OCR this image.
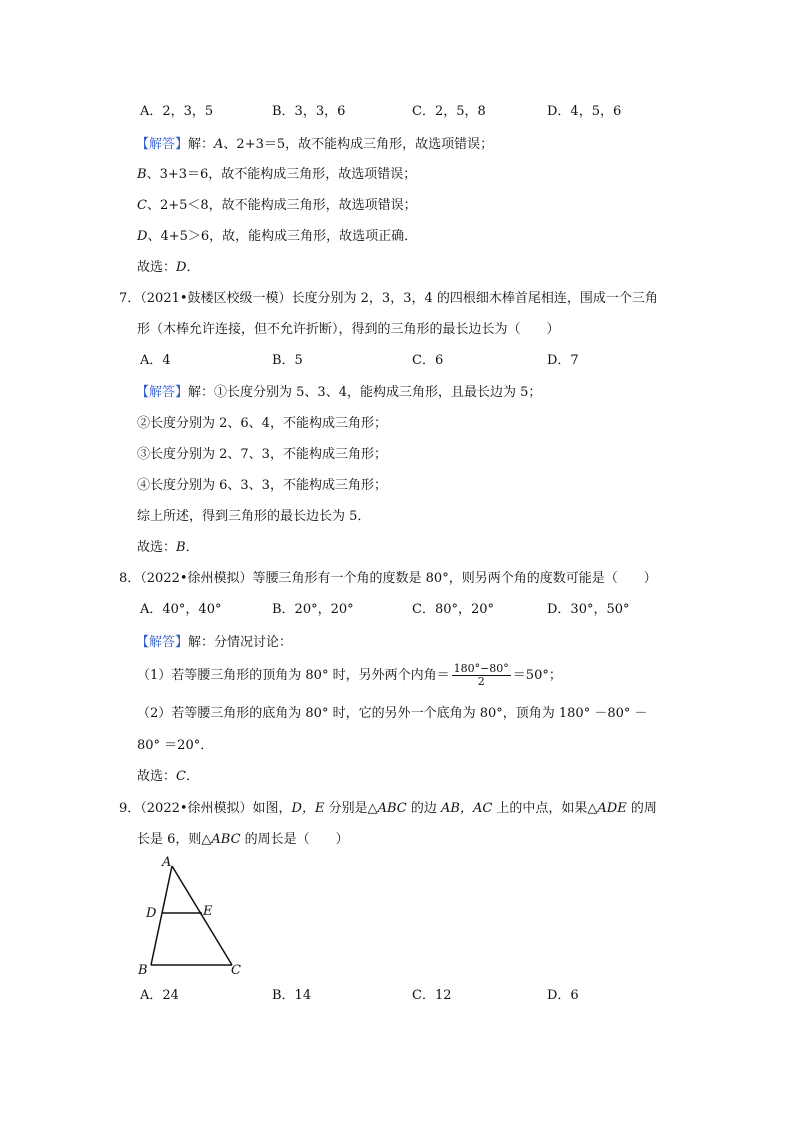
A．2，3，5	B．3，3，6	C．2，5，8	D．4，5，6
【解答】解：A、2+3＝5，故不能构成三角形，故选项错误；
B、3+3＝6，故不能构成三角形，故选项错误；
C、2+5＜8，故不能构成三角形，故选项错误；
D、4+5＞6，故，能构成三角形，故选项正确．
故选：D．
7．（2021•鼓楼区校级一模）长度分别为 2，3，3，4 的四根细木棒首尾相连，围成一个三角
形（木棒允许连接，但不允许折断），得到的三角形的最长边长为（　　）
A．4	B．5	C．6	D．7
【解答】解：①长度分别为 5、3、4，能构成三角形，且最长边为 5；
②长度分别为 2、6、4，不能构成三角形；
③长度分别为 2、7、3，不能构成三角形；
④长度分别为 6、3、3，不能构成三角形；
综上所述，得到三角形的最长边长为 5．
故选：B．
8．（2022•徐州模拟）等腰三角形有一个角的度数是 80°，则另两个角的度数可能是（　　）
A．40°，40°	B．20°，20°	C．80°，20°	D．30°，50°
【解答】解：分情况讨论：
（1）若等腰三角形的顶角为 80° 时，另外两个内角＝ $\frac{180^\circ-80^\circ}{2} =50^\circ$；
（2）若等腰三角形的底角为 80° 时，它的另外一个底角为 80°，顶角为 180° －80° －
80° ＝20°．
故选：C．
9．（2022•徐州模拟）如图，D，E 分别是△ABC 的边 AB，AC 上的中点，如果△ADE 的周
长是 6，则△ABC 的周长是（　　）
A
D	E
B	C
A．24	B．14	C．12	D．6
